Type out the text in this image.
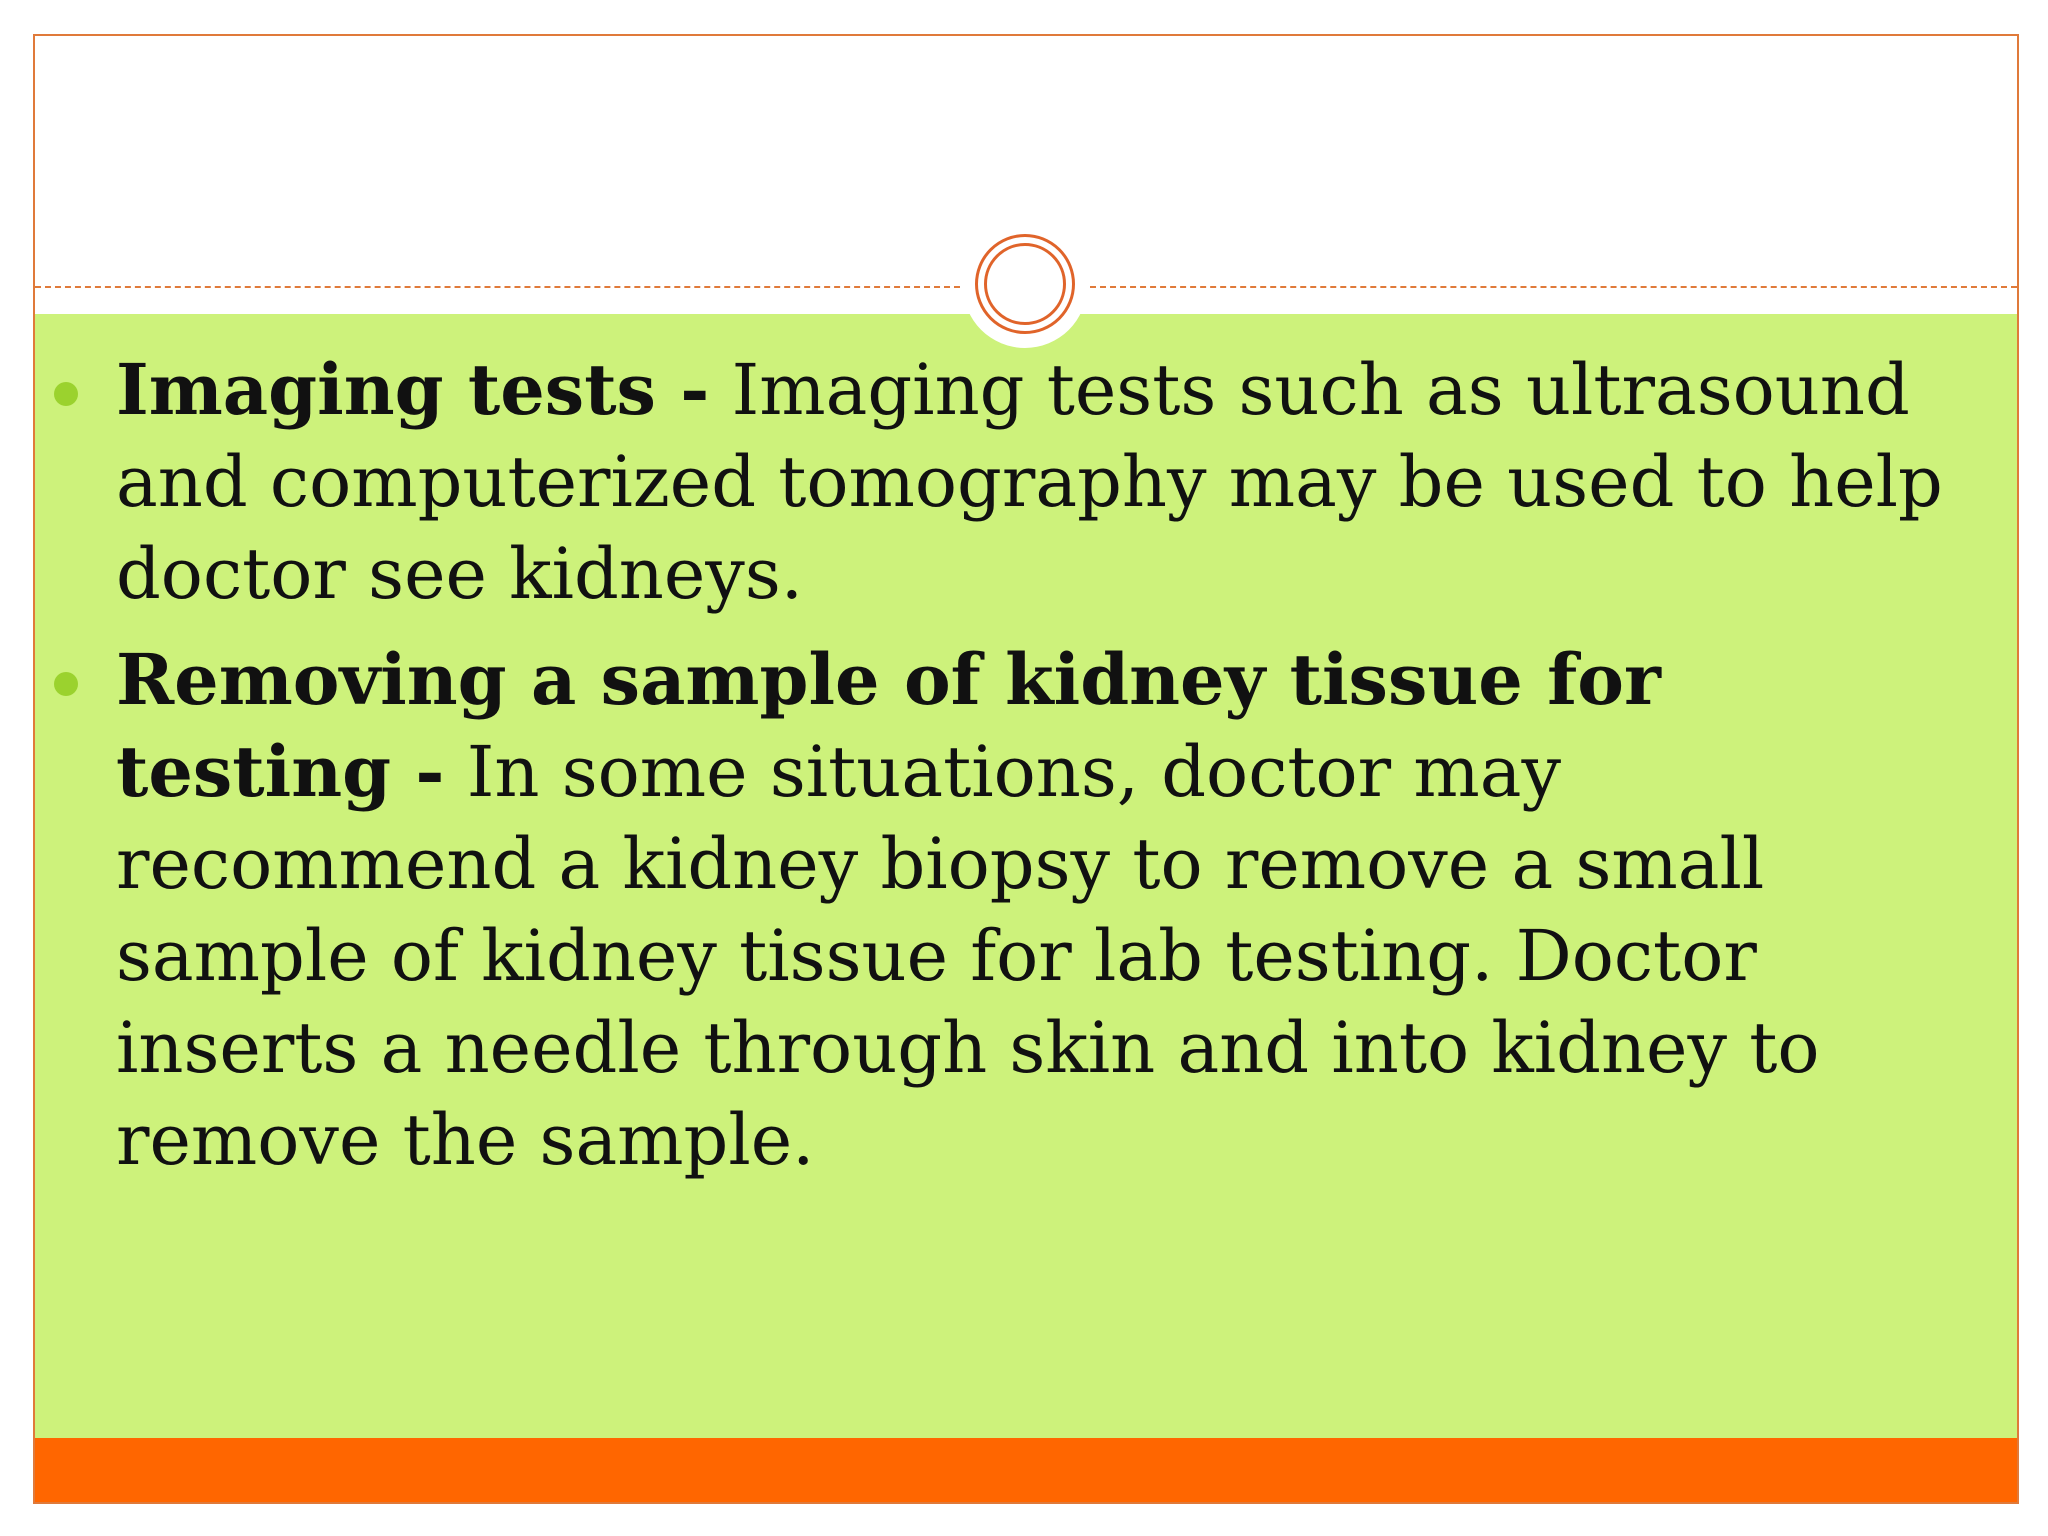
Imaging tests - Imaging tests such as ultrasound and computerized tomography may be used to help doctor see kidneys.
Removing a sample of kidney tissue for testing - In some situations, doctor may recommend a kidney biopsy to remove a small sample of kidney tissue for lab testing. Doctor inserts a needle through skin and into kidney to remove the sample.
